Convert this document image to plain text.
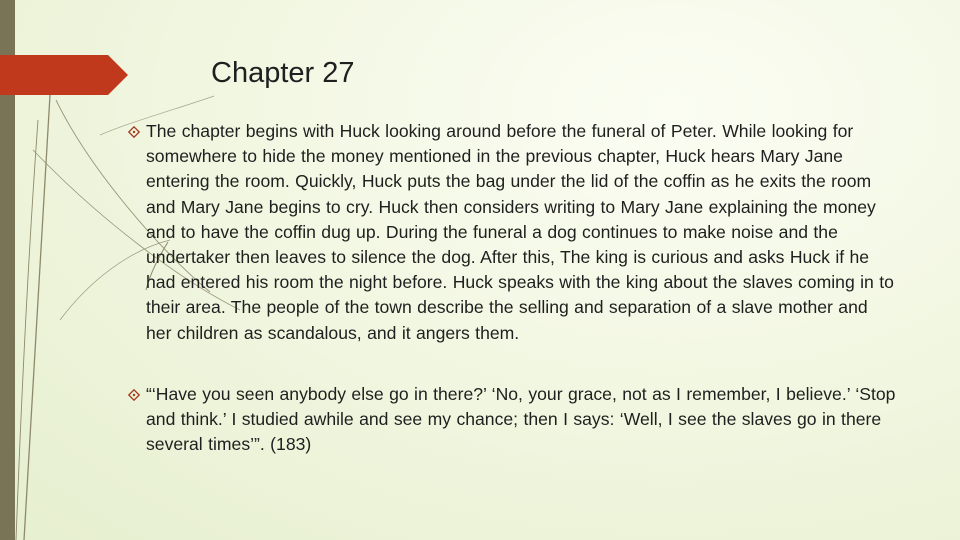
Chapter 27
The chapter begins with Huck looking around before the funeral of Peter. While looking for somewhere to hide the money mentioned in the previous chapter, Huck hears Mary Jane entering the room. Quickly, Huck puts the bag under the lid of the coffin as he exits the room and Mary Jane begins to cry. Huck then considers writing to Mary Jane explaining the money and to have the coffin dug up. During the funeral a dog continues to make noise and the undertaker then leaves to silence the dog. After this, The king is curious and asks Huck if he had entered his room the night before. Huck speaks with the king about the slaves coming in to their area. The people of the town describe the selling and separation of a slave mother and her children as scandalous, and it angers them.
“‘Have you seen anybody else go in there?’ ‘No, your grace, not as I remember, I believe.’ ‘Stop and think.’ I studied awhile and see my chance; then I says: ‘Well, I see the slaves go in there several times’”. (183)
